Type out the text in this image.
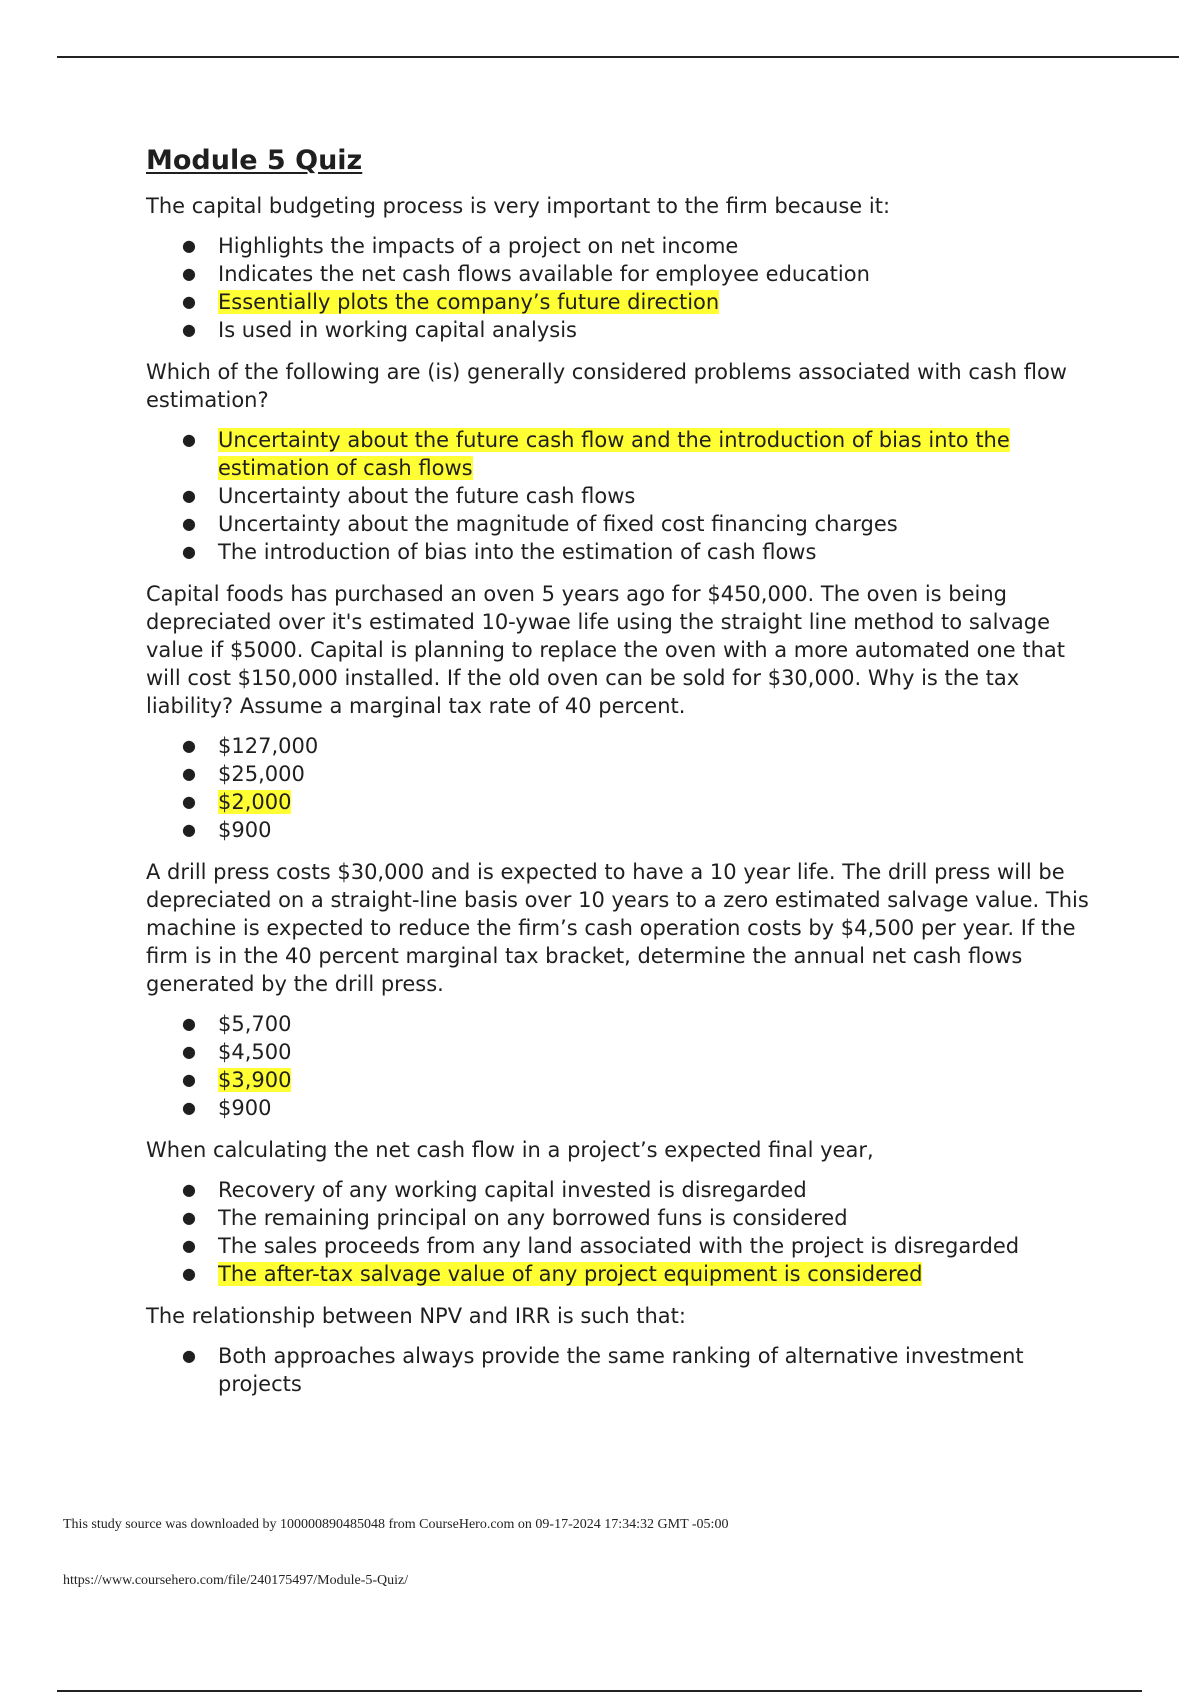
Module 5 Quiz

The capital budgeting process is very important to the firm because it:

● Highlights the impacts of a project on net income
● Indicates the net cash flows available for employee education
● Essentially plots the company’s future direction
● Is used in working capital analysis

Which of the following are (is) generally considered problems associated with cash flow estimation?

● Uncertainty about the future cash flow and the introduction of bias into the estimation of cash flows
● Uncertainty about the future cash flows
● Uncertainty about the magnitude of fixed cost financing charges
● The introduction of bias into the estimation of cash flows

Capital foods has purchased an oven 5 years ago for $450,000. The oven is being depreciated over it's estimated 10-ywae life using the straight line method to salvage value if $5000. Capital is planning to replace the oven with a more automated one that will cost $150,000 installed. If the old oven can be sold for $30,000. Why is the tax liability? Assume a marginal tax rate of 40 percent.

● $127,000
● $25,000
● $2,000
● $900

A drill press costs $30,000 and is expected to have a 10 year life. The drill press will be depreciated on a straight-line basis over 10 years to a zero estimated salvage value. This machine is expected to reduce the firm’s cash operation costs by $4,500 per year. If the firm is in the 40 percent marginal tax bracket, determine the annual net cash flows generated by the drill press.

● $5,700
● $4,500
● $3,900
● $900

When calculating the net cash flow in a project’s expected final year,

● Recovery of any working capital invested is disregarded
● The remaining principal on any borrowed funs is considered
● The sales proceeds from any land associated with the project is disregarded
● The after-tax salvage value of any project equipment is considered

The relationship between NPV and IRR is such that:

● Both approaches always provide the same ranking of alternative investment projects
This study source was downloaded by 100000890485048 from CourseHero.com on 09-17-2024 17:34:32 GMT -05:00
https://www.coursehero.com/file/240175497/Module-5-Quiz/
